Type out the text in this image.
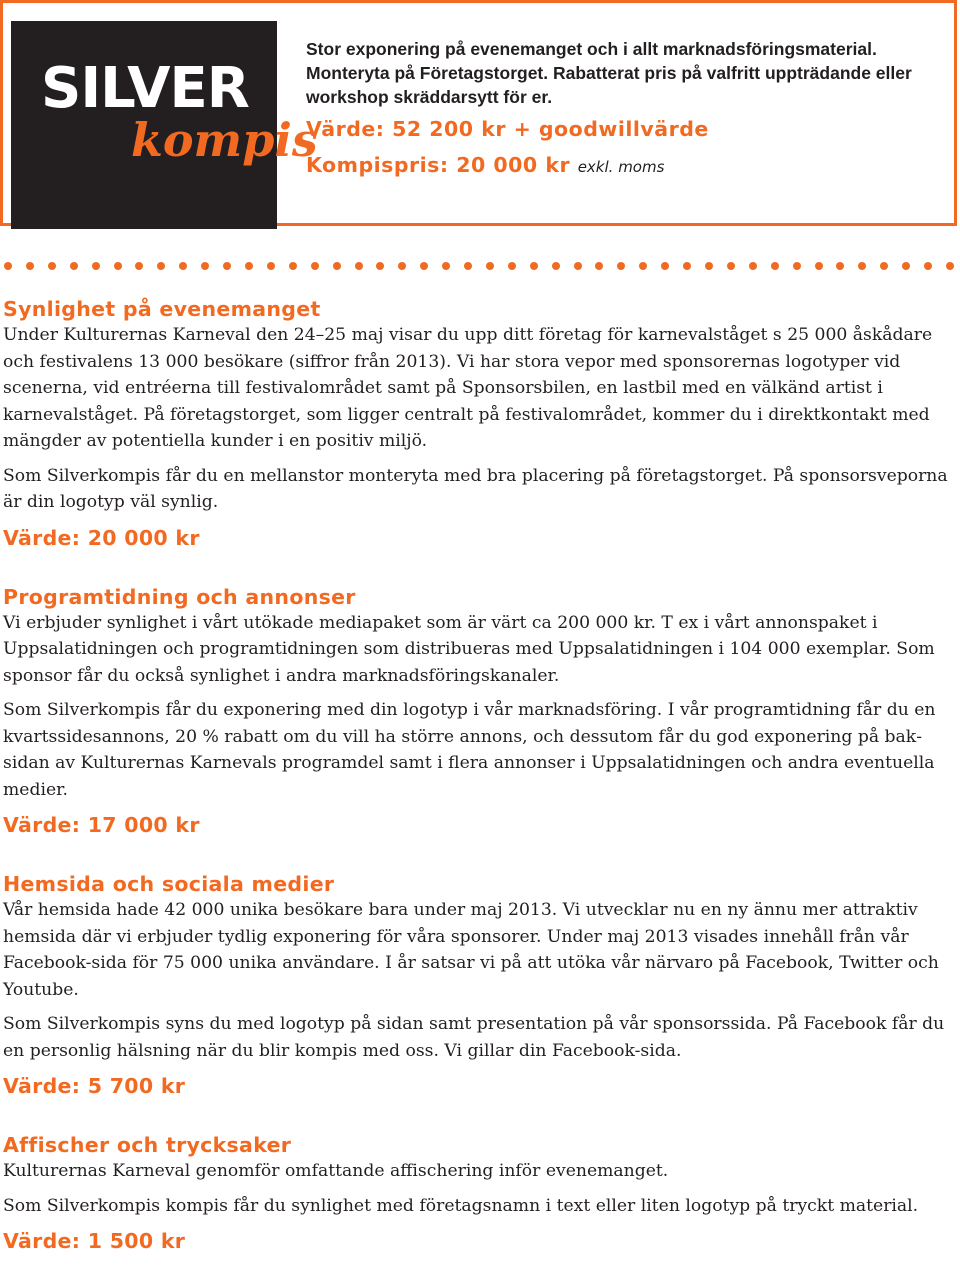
SILVER
kompis
Stor exponering på evenemanget och i allt marknadsföringsmaterial.
Monteryta på Företagstorget. Rabatterat pris på valfritt uppträdande eller
workshop skräddarsytt för er.
Värde: 52 200 kr + goodwillvärde
Kompispris: 20 000 kr exkl. moms
Synlighet på evenemanget

Under Kulturernas Karneval den 24–25 maj visar du upp ditt företag för karnevalståget s 25 000 åskådare och festivalens 13 000 besökare (siffror från 2013). Vi har stora vepor med sponsorernas logotyper vid scenerna, vid entréerna till festivalområdet samt på Sponsorsbilen, en lastbil med en välkänd artist i karnevalståget. På företagstorget, som ligger centralt på festivalområdet, kommer du i direktkontakt med mängder av potentiella kunder i en positiv miljö.

Som Silverkompis får du en mellanstor monteryta med bra placering på företagstorget. På sponsorsveporna är din logotyp väl synlig.

Värde: 20 000 kr

Programtidning och annonser

Vi erbjuder synlighet i vårt utökade mediapaket som är värt ca 200 000 kr. T ex i vårt annonspaket i Uppsalatidningen och programtidningen som distribueras med Uppsalatidningen i 104 000 exemplar. Som sponsor får du också synlighet i andra marknadsföringskanaler.

Som Silverkompis får du exponering med din logotyp i vår marknadsföring. I vår programtidning får du en kvartssidesannons, 20 % rabatt om du vill ha större annons, och dessutom får du god exponering på baksidan av Kulturernas Karnevals programdel samt i flera annonser i Uppsalatidningen och andra eventuella medier.

Värde: 17 000 kr

Hemsida och sociala medier

Vår hemsida hade 42 000 unika besökare bara under maj 2013. Vi utvecklar nu en ny ännu mer attraktiv hemsida där vi erbjuder tydlig exponering för våra sponsorer. Under maj 2013 visades innehåll från vår Facebook-sida för 75 000 unika användare. I år satsar vi på att utöka vår närvaro på Facebook, Twitter och Youtube.

Som Silverkompis syns du med logotyp på sidan samt presentation på vår sponsorssida. På Facebook får du en personlig hälsning när du blir kompis med oss. Vi gillar din Facebook-sida.

Värde: 5 700 kr

Affischer och trycksaker

Kulturernas Karneval genomför omfattande affischering inför evenemanget.

Som Silverkompis kompis får du synlighet med företagsnamn i text eller liten logotyp på tryckt material.

Värde: 1 500 kr
